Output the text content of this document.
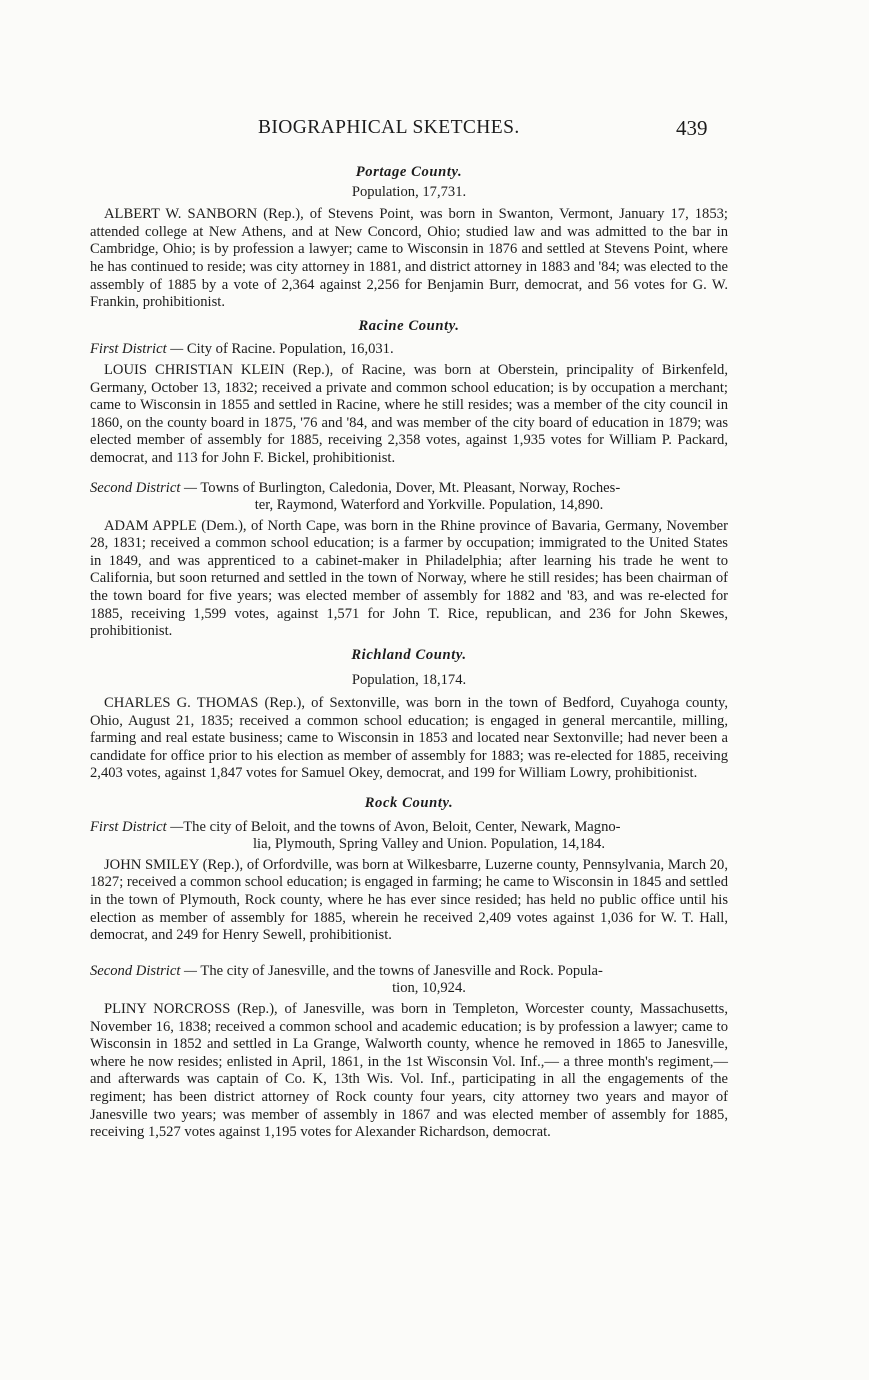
BIOGRAPHICAL SKETCHES.	439

Portage County.

Population, 17,731.

ALBERT W. SANBORN (Rep.), of Stevens Point, was born in Swanton, Vermont, January 17, 1853; attended college at New Athens, and at New Concord, Ohio; studied law and was admitted to the bar in Cambridge, Ohio; is by profession a lawyer; came to Wisconsin in 1876 and settled at Stevens Point, where he has continued to reside; was city attorney in 1881, and district attorney in 1883 and '84; was elected to the assembly of 1885 by a vote of 2,364 against 2,256 for Benjamin Burr, democrat, and 56 votes for G. W. Frankin, prohibitionist.

Racine County.

First District — City of Racine. Population, 16,031.

LOUIS CHRISTIAN KLEIN (Rep.), of Racine, was born at Oberstein, principality of Birkenfeld, Germany, October 13, 1832; received a private and common school education; is by occupation a merchant; came to Wisconsin in 1855 and settled in Racine, where he still resides; was a member of the city council in 1860, on the county board in 1875, '76 and '84, and was member of the city board of education in 1879; was elected member of assembly for 1885, receiving 2,358 votes, against 1,935 votes for William P. Packard, democrat, and 113 for John F. Bickel, prohibitionist.

Second District — Towns of Burlington, Caledonia, Dover, Mt. Pleasant, Norway, Roches-
ter, Raymond, Waterford and Yorkville. Population, 14,890.

ADAM APPLE (Dem.), of North Cape, was born in the Rhine province of Bavaria, Germany, November 28, 1831; received a common school education; is a farmer by occupation; immigrated to the United States in 1849, and was apprenticed to a cabinet-maker in Philadelphia; after learning his trade he went to California, but soon returned and settled in the town of Norway, where he still resides; has been chairman of the town board for five years; was elected member of assembly for 1882 and '83, and was re-elected for 1885, receiving 1,599 votes, against 1,571 for John T. Rice, republican, and 236 for John Skewes, prohibitionist.

Richland County.

Population, 18,174.

CHARLES G. THOMAS (Rep.), of Sextonville, was born in the town of Bedford, Cuyahoga county, Ohio, August 21, 1835; received a common school education; is engaged in general mercantile, milling, farming and real estate business; came to Wisconsin in 1853 and located near Sextonville; had never been a candidate for office prior to his election as member of assembly for 1883; was re-elected for 1885, receiving 2,403 votes, against 1,847 votes for Samuel Okey, democrat, and 199 for William Lowry, prohibitionist.

Rock County.

First District —The city of Beloit, and the towns of Avon, Beloit, Center, Newark, Magno-
lia, Plymouth, Spring Valley and Union. Population, 14,184.

JOHN SMILEY (Rep.), of Orfordville, was born at Wilkesbarre, Luzerne county, Pennsylvania, March 20, 1827; received a common school education; is engaged in farming; he came to Wisconsin in 1845 and settled in the town of Plymouth, Rock county, where he has ever since resided; has held no public office until his election as member of assembly for 1885, wherein he received 2,409 votes against 1,036 for W. T. Hall, democrat, and 249 for Henry Sewell, prohibitionist.

Second District — The city of Janesville, and the towns of Janesville and Rock. Popula-
tion, 10,924.

PLINY NORCROSS (Rep.), of Janesville, was born in Templeton, Worcester county, Massachusetts, November 16, 1838; received a common school and academic education; is by profession a lawyer; came to Wisconsin in 1852 and settled in La Grange, Walworth county, whence he removed in 1865 to Janesville, where he now resides; enlisted in April, 1861, in the 1st Wisconsin Vol. Inf.,— a three month's regiment,— and afterwards was captain of Co. K, 13th Wis. Vol. Inf., participating in all the engagements of the regiment; has been district attorney of Rock county four years, city attorney two years and mayor of Janesville two years; was member of assembly in 1867 and was elected member of assembly for 1885, receiving 1,527 votes against 1,195 votes for Alexander Richardson, democrat.
